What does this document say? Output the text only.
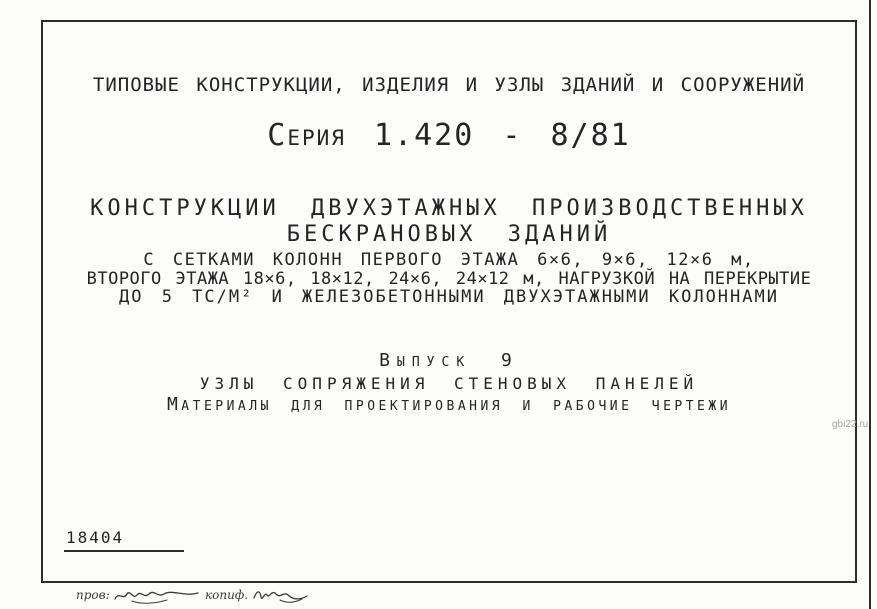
ТИПОВЫЕ КОНСТРУКЦИИ, ИЗДЕЛИЯ И УЗЛЫ ЗДАНИЙ И СООРУЖЕНИЙ
Серия 1.420 - 8/81
КОНСТРУКЦИИ ДВУХЭТАЖНЫХ ПРОИЗВОДСТВЕННЫХ
БЕСКРАНОВЫХ ЗДАНИЙ
С СЕТКАМИ КОЛОНН ПЕРВОГО ЭТАЖА 6×6, 9×6, 12×6 м,
ВТОРОГО ЭТАЖА 18×6, 18×12, 24×6, 24×12 м, НАГРУЗКОЙ НА ПЕРЕКРЫТИЕ
ДО 5 ТС/М² И ЖЕЛЕЗОБЕТОННЫМИ ДВУХЭТАЖНЫМИ КОЛОННАМИ
Выпуск 9
УЗЛЫ СОПРЯЖЕНИЯ СТЕНОВЫХ ПАНЕЛЕЙ
Материалы для проектирования и рабочие чертежи
18404
gbi22.ru
пров:	копиф.
